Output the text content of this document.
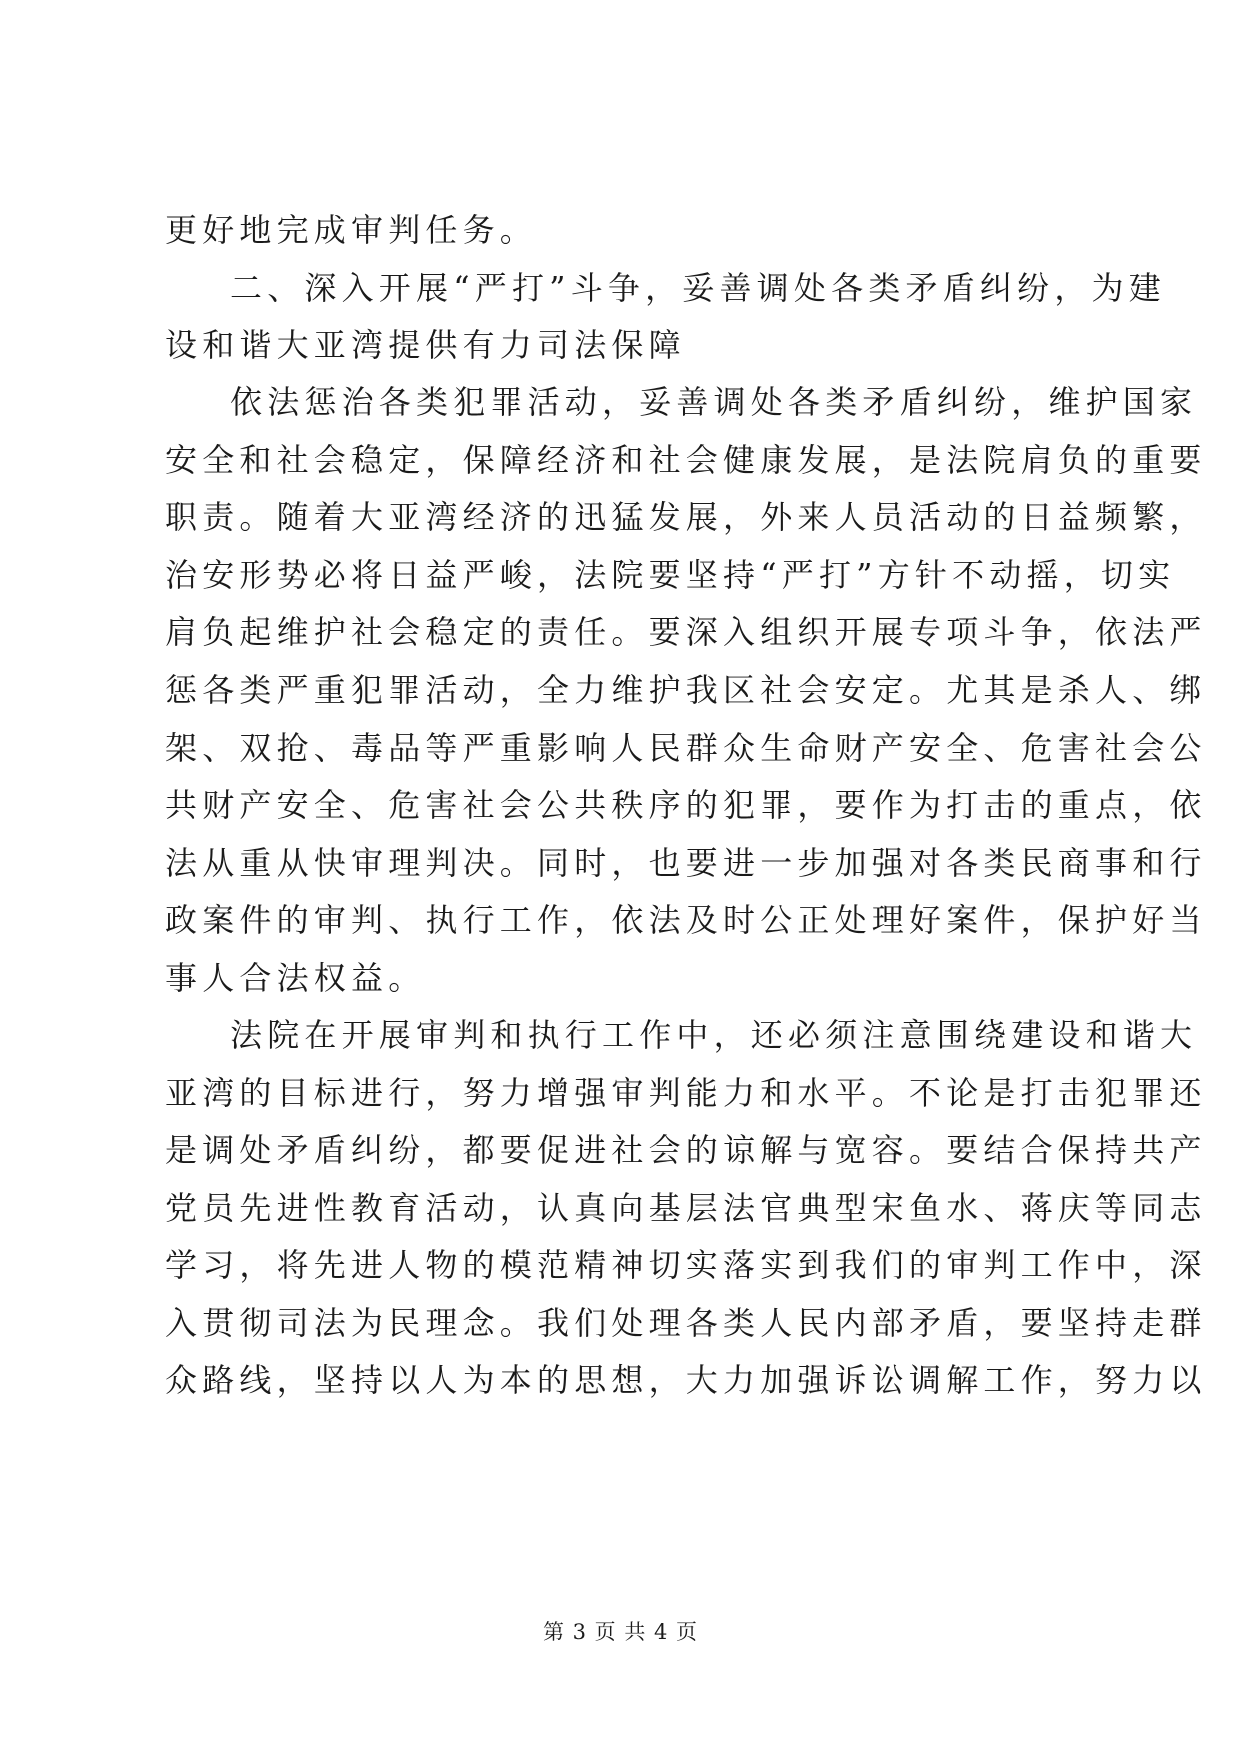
更好地完成审判任务。
二、深入开展“严打”斗争，妥善调处各类矛盾纠纷，为建
设和谐大亚湾提供有力司法保障
依法惩治各类犯罪活动，妥善调处各类矛盾纠纷，维护国家
安全和社会稳定，保障经济和社会健康发展，是法院肩负的重要
职责。随着大亚湾经济的迅猛发展，外来人员活动的日益频繁，
治安形势必将日益严峻，法院要坚持“严打”方针不动摇，切实
肩负起维护社会稳定的责任。要深入组织开展专项斗争，依法严
惩各类严重犯罪活动，全力维护我区社会安定。尤其是杀人、绑
架、双抢、毒品等严重影响人民群众生命财产安全、危害社会公
共财产安全、危害社会公共秩序的犯罪，要作为打击的重点，依
法从重从快审理判决。同时，也要进一步加强对各类民商事和行
政案件的审判、执行工作，依法及时公正处理好案件，保护好当
事人合法权益。
法院在开展审判和执行工作中，还必须注意围绕建设和谐大
亚湾的目标进行，努力增强审判能力和水平。不论是打击犯罪还
是调处矛盾纠纷，都要促进社会的谅解与宽容。要结合保持共产
党员先进性教育活动，认真向基层法官典型宋鱼水、蒋庆等同志
学习，将先进人物的模范精神切实落实到我们的审判工作中，深
入贯彻司法为民理念。我们处理各类人民内部矛盾，要坚持走群
众路线，坚持以人为本的思想，大力加强诉讼调解工作，努力以
第 3 页 共 4 页
